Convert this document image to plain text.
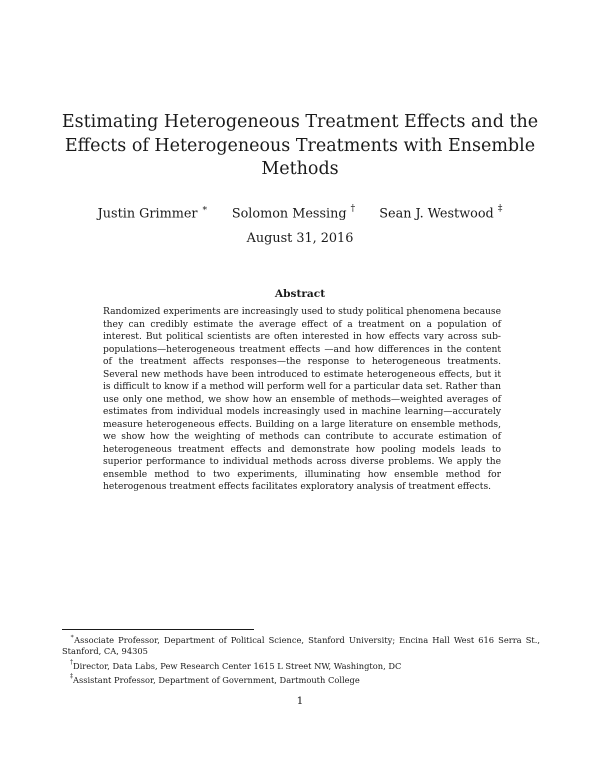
Estimating Heterogeneous Treatment Effects and the Effects of Heterogeneous Treatments with Ensemble Methods
Justin Grimmer ∗ Solomon Messing † Sean J. Westwood ‡
August 31, 2016
Abstract

Randomized experiments are increasingly used to study political phenomena because they can credibly estimate the average effect of a treatment on a population of interest. But political scientists are often interested in how effects vary across sub-populations—heterogeneous treatment effects —and how differences in the content of the treatment affects responses—the response to heterogeneous treatments. Several new methods have been introduced to estimate heterogeneous effects, but it is difficult to know if a method will perform well for a particular data set. Rather than use only one method, we show how an ensemble of methods—weighted averages of estimates from individual models increasingly used in machine learning—accurately measure heterogeneous effects. Building on a large literature on ensemble methods, we show how the weighting of methods can contribute to accurate estimation of heterogeneous treatment effects and demonstrate how pooling models leads to superior performance to individual methods across diverse problems. We apply the ensemble method to two experiments, illuminating how ensemble method for heterogenous treatment effects facilitates exploratory analysis of treatment effects.

∗Associate Professor, Department of Political Science, Stanford University; Encina Hall West 616 Serra St., Stanford, CA, 94305

†Director, Data Labs, Pew Research Center 1615 L Street NW, Washington, DC

‡Assistant Professor, Department of Government, Dartmouth College

1
